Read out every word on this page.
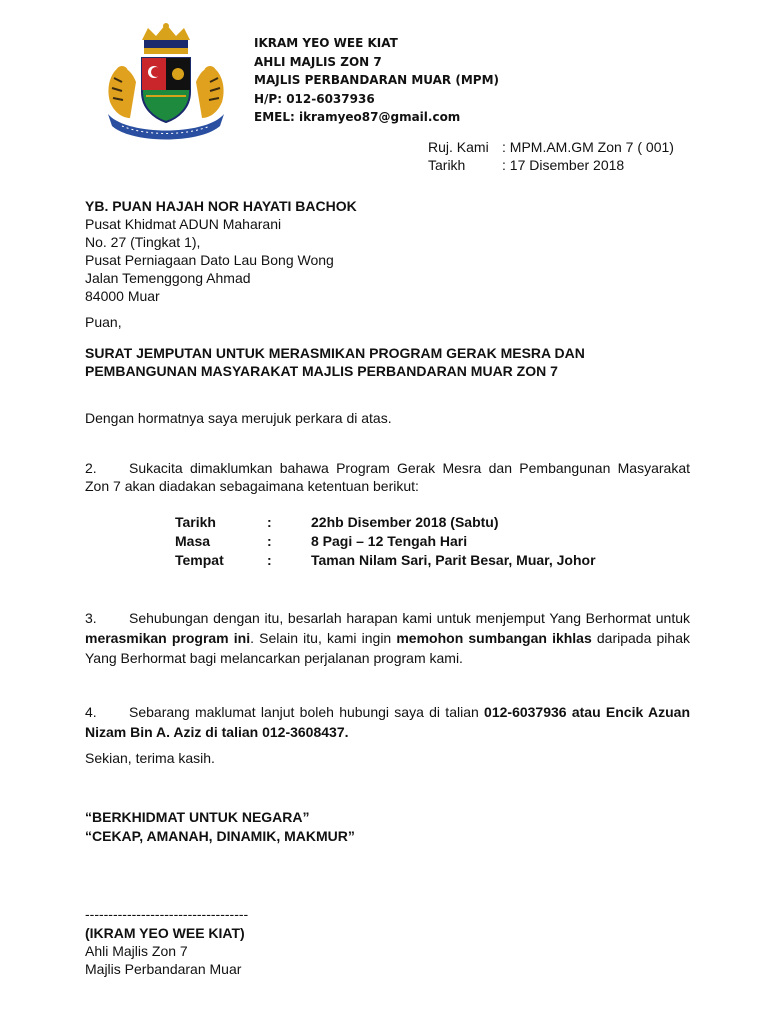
IKRAM YEO WEE KIAT
AHLI MAJLIS ZON 7
MAJLIS PERBANDARAN MUAR (MPM)
H/P: 012-6037936
EMEL: ikramyeo87@gmail.com
Ruj. Kami : MPM.AM.GM Zon 7 ( 001)
Tarikh	: 17 Disember 2018
YB. PUAN HAJAH NOR HAYATI BACHOK
Pusat Khidmat ADUN Maharani
No. 27 (Tingkat 1),
Pusat Perniagaan Dato Lau Bong Wong
Jalan Temenggong Ahmad
84000 Muar
Puan,
SURAT JEMPUTAN UNTUK MERASMIKAN PROGRAM GERAK MESRA DAN PEMBANGUNAN MASYARAKAT MAJLIS PERBANDARAN MUAR ZON 7
Dengan hormatnya saya merujuk perkara di atas.
2. Sukacita dimaklumkan bahawa Program Gerak Mesra dan Pembangunan Masyarakat Zon 7 akan diadakan sebagaimana ketentuan berikut:
Tarikh	:	22hb Disember 2018 (Sabtu)
Masa	:	8 Pagi – 12 Tengah Hari
Tempat	:	Taman Nilam Sari, Parit Besar, Muar, Johor
3. Sehubungan dengan itu, besarlah harapan kami untuk menjemput Yang Berhormat untuk merasmikan program ini. Selain itu, kami ingin memohon sumbangan ikhlas daripada pihak Yang Berhormat bagi melancarkan perjalanan program kami.
4. Sebarang maklumat lanjut boleh hubungi saya di talian 012-6037936 atau Encik Azuan Nizam Bin A. Aziz di talian 012-3608437.
Sekian, terima kasih.
“BERKHIDMAT UNTUK NEGARA”
“CEKAP, AMANAH, DINAMIK, MAKMUR”
-----------------------------------
(IKRAM YEO WEE KIAT)
Ahli Majlis Zon 7
Majlis Perbandaran Muar
